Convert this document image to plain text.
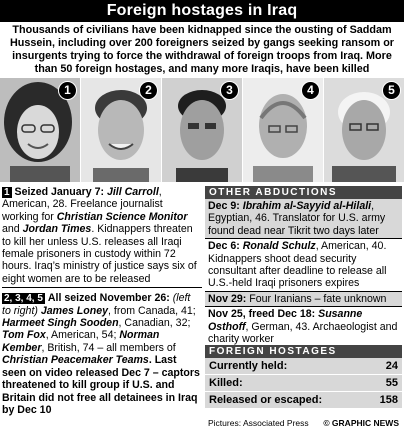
Foreign hostages in Iraq
Thousands of civilians have been kidnapped since the ousting of Saddam Hussein, including over 200 foreigners seized by gangs seeking ransom or insurgents trying to force the withdrawal of foreign troops from Iraq. More than 50 foreign hostages, and many more Iraqis, have been killed
1	2	3	4	5

1 Seized January 7: Jill Carroll, American, 28. Freelance journalist working for Christian Science Monitor and Jordan Times. Kidnappers threaten to kill her unless U.S. releases all Iraqi female prisoners in custody within 72 hours. Iraq’s ministry of justice says six of eight women are to be released

2, 3, 4, 5 All seized November 26: (left to right) James Loney, from Canada, 41; Harmeet Singh Sooden, Canadian, 32; Tom Fox, American, 54; Norman Kember, British, 74 – all members of Christian Peacemaker Teams. Last seen on video released Dec 7 – captors threatened to kill group if U.S. and Britain did not free all detainees in Iraq by Dec 10

OTHER ABDUCTIONS
Dec 9: Ibrahim al-Sayyid al-Hilali, Egyptian, 46. Translator for U.S. army found dead near Tikrit two days later
Dec 6: Ronald Schulz, American, 40. Kidnappers shoot dead security consultant after deadline to release all U.S.-held Iraqi prisoners expires
Nov 29: Four Iranians – fate unknown
Nov 25, freed Dec 18: Susanne Osthoff, German, 43. Archaeologist and charity worker
FOREIGN HOSTAGES
Currently held:	24
Killed:	55
Released or escaped:	158
Pictures: Associated Press © GRAPHIC NEWS
